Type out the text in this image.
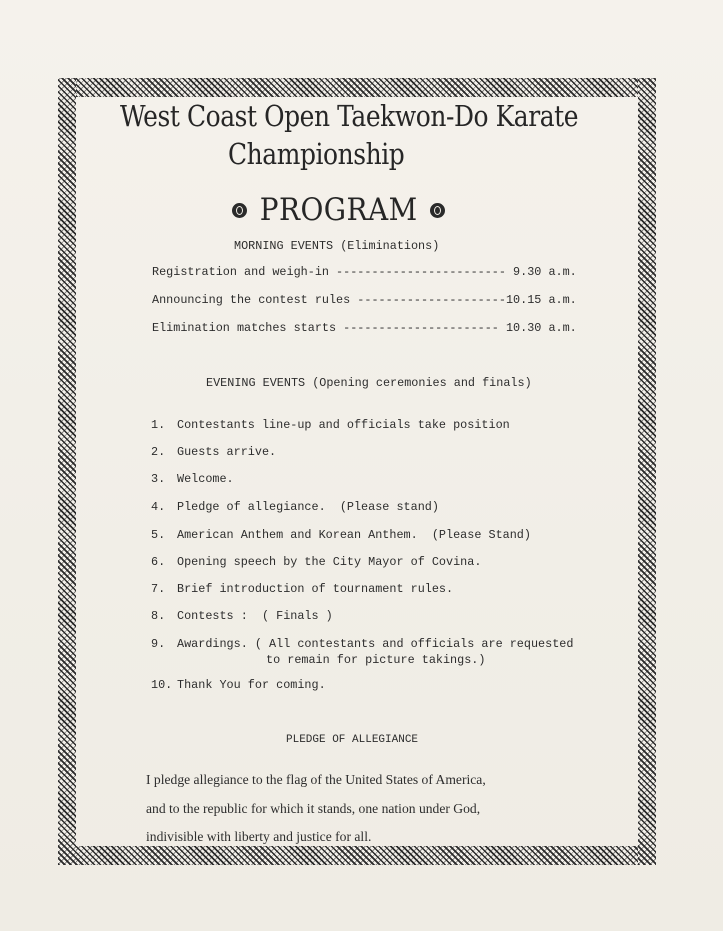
West Coast Open Taekwon-Do Karate
Championship
PROGRAM
MORNING EVENTS (Eliminations)
Registration and weigh-in ------------------------ 9.30 a.m.
Announcing the contest rules ---------------------10.15 a.m.
Elimination matches starts ---------------------- 10.30 a.m.
EVENING EVENTS (Opening ceremonies and finals)
1. Contestants line-up and officials take position
2. Guests arrive.
3. Welcome.
4. Pledge of allegiance.  (Please stand)
5. American Anthem and Korean Anthem.  (Please Stand)
6. Opening speech by the City Mayor of Covina.
7. Brief introduction of tournament rules.
8. Contests :  ( Finals )
9. Awardings. ( All contestants and officials are requested
to remain for picture takings.)
10. Thank You for coming.
PLEDGE OF ALLEGIANCE
I pledge allegiance to the flag of the United States of America,
and to the republic for which it stands, one nation under God,
indivisible with liberty and justice for all.
